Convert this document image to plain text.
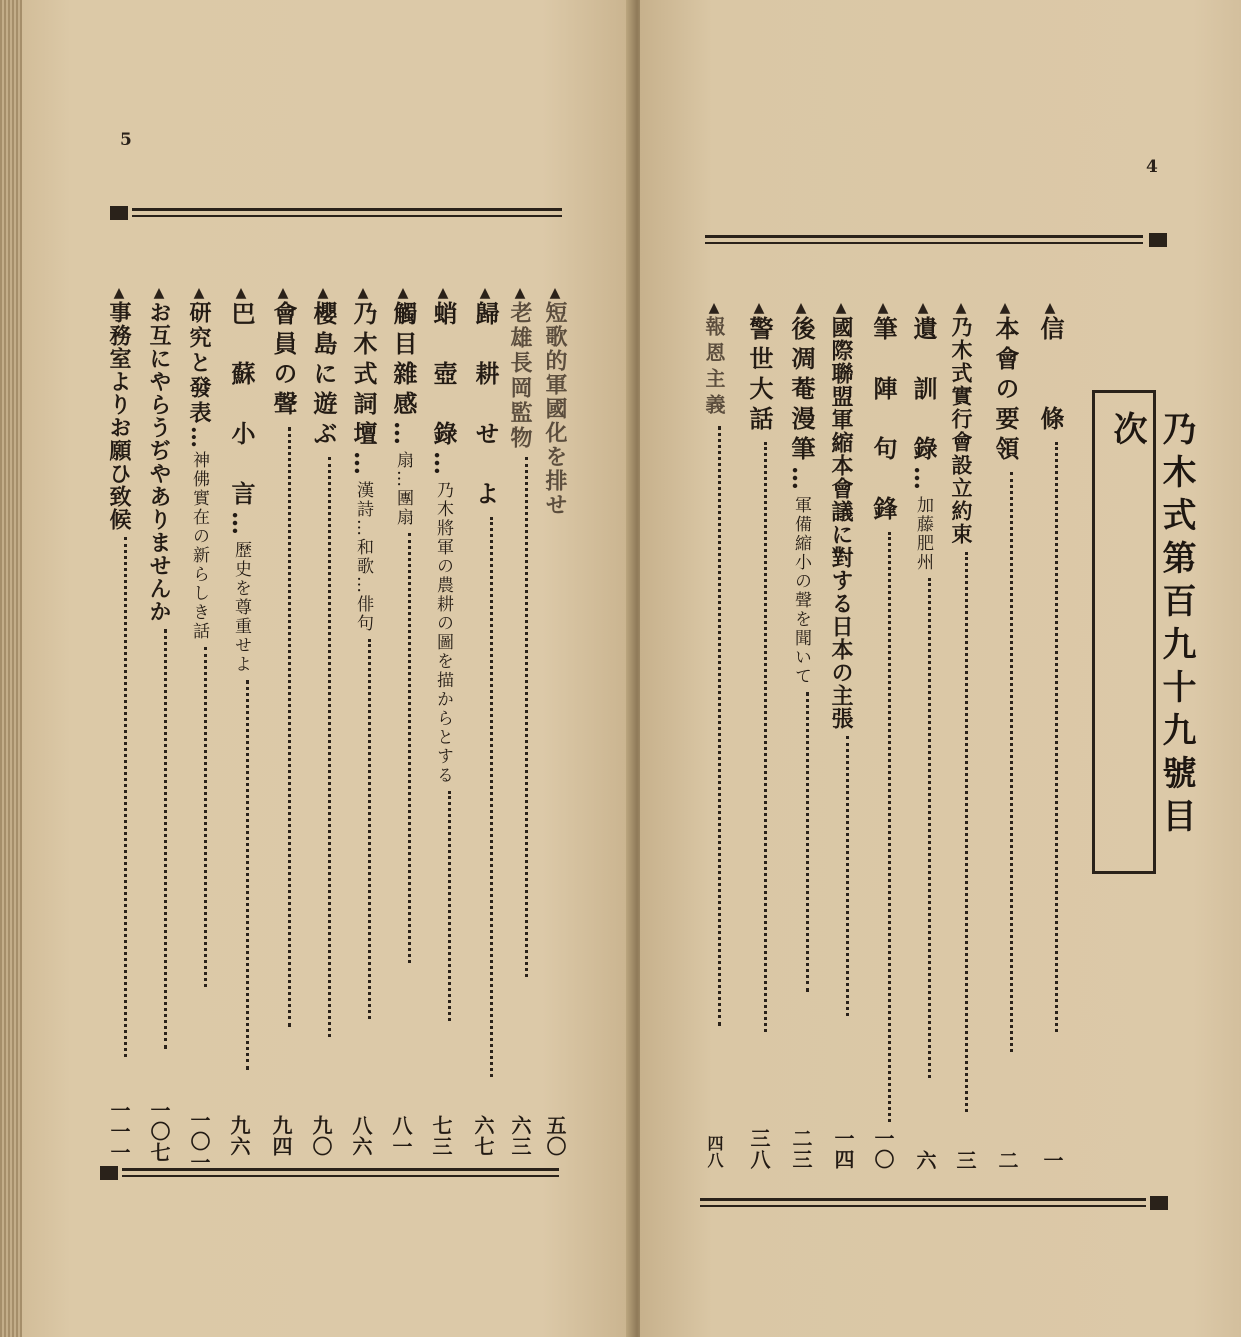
5
4
乃木式第百九十九號目次
▲信　　條
一
▲本會の要領
二
▲乃木式實行會設立約束
三
▲遺　訓　錄…加藤肥州
六
▲筆　陣　句　鋒
一〇
▲國際聯盟軍縮本會議に對する日本の主張
一四
▲後凋菴漫筆…軍備縮小の聲を聞いて
二三
▲警世大話
三八
▲報恩主義
四八
▲短歌的軍國化を排せ
五〇
▲老雄長岡監物
六三
▲歸　耕　せ　よ
六七
▲蛸　壺　錄…乃木將軍の農耕の圖を描からとする
七三
▲觸目雜感…扇…團扇
八一
▲乃木式詞壇…漢詩…和歌…俳句
八六
▲櫻島に遊ぶ
九〇
▲會員の聲
九四
▲巴　蘇　小　言…歷史を尊重せよ
九六
▲研究と發表…神佛實在の新らしき話
一〇一
▲お互にやらうぢやありませんか
一〇七
▲事務室よりお願ひ致候
一一一
